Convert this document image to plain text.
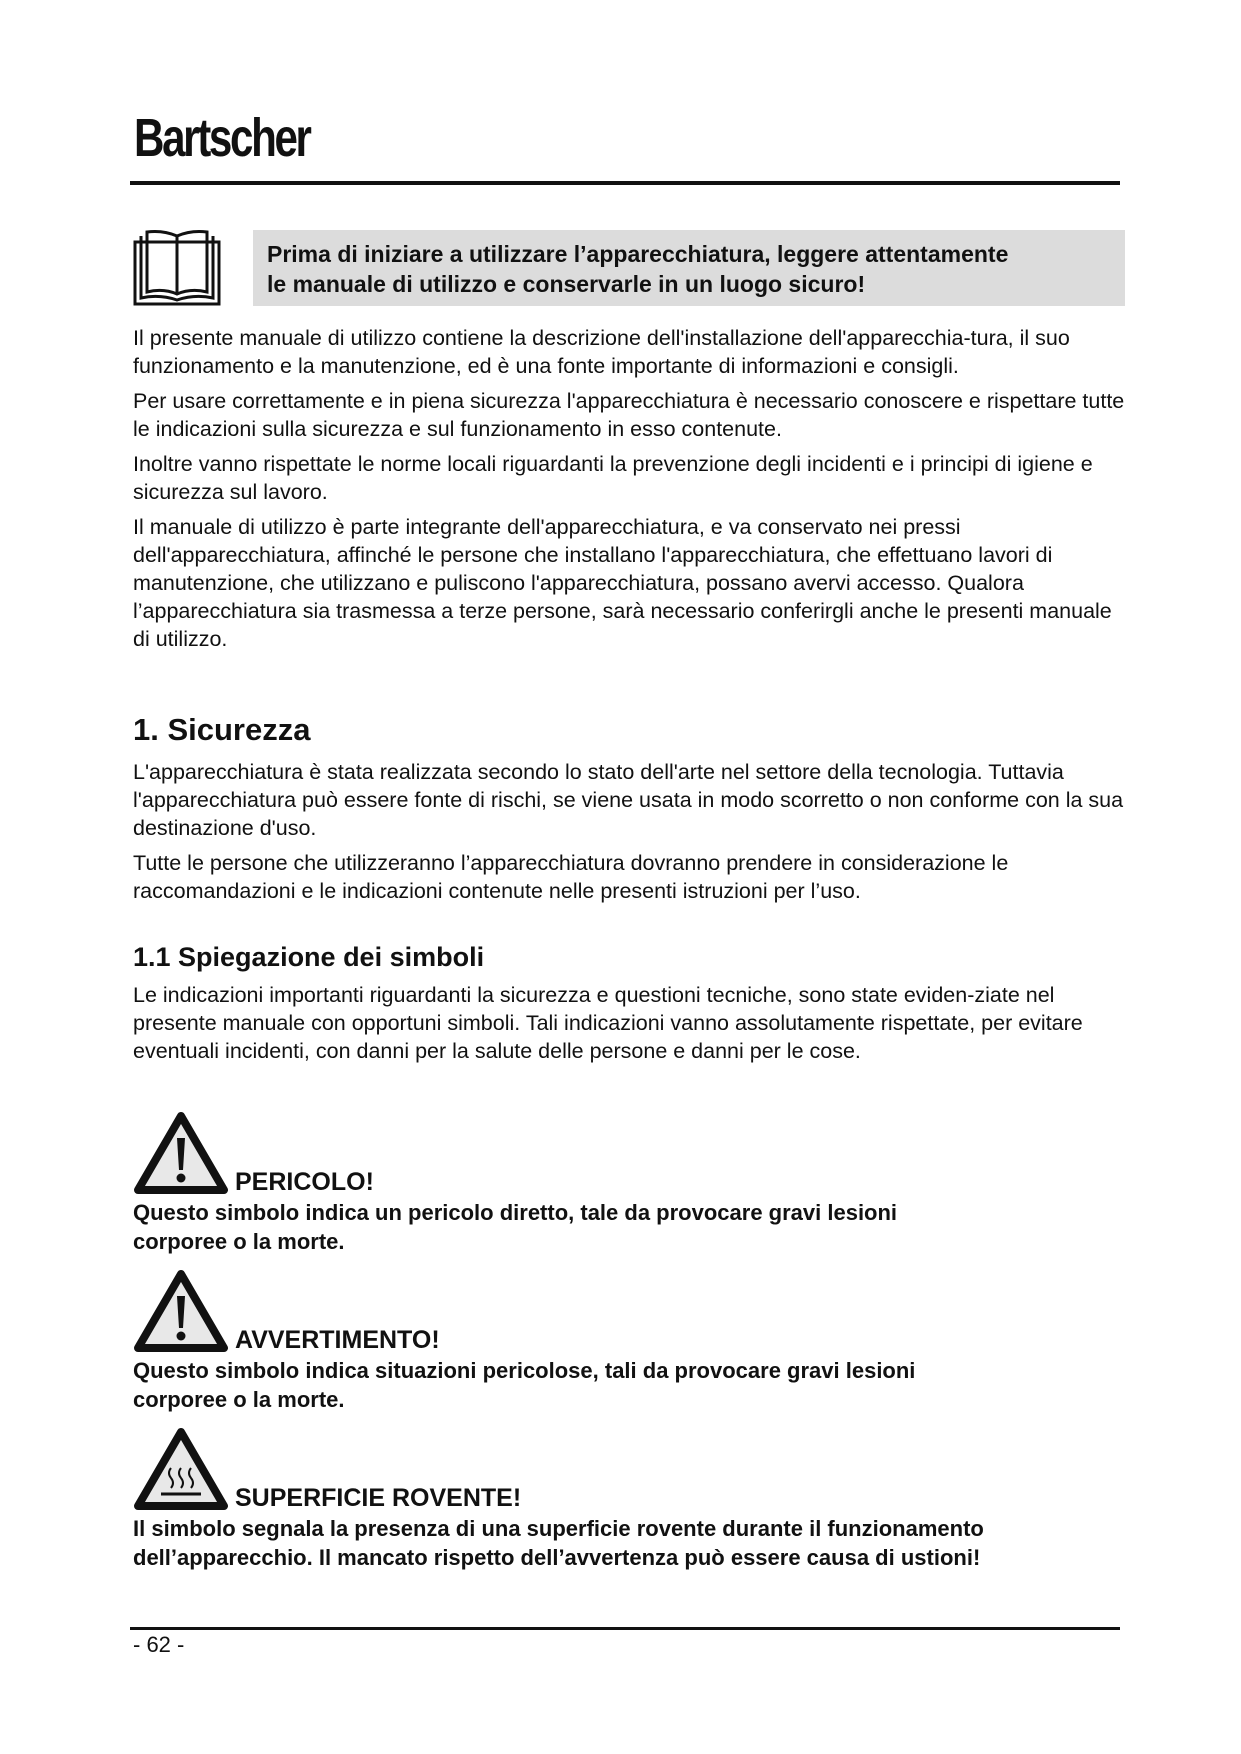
Bartscher
Prima di iniziare a utilizzare l’apparecchiatura, leggere attentamente
le manuale di utilizzo e conservarle in un luogo sicuro!

Il presente manuale di utilizzo contiene la descrizione dell'installazione dell'apparecchia-tura, il suo funzionamento e la manutenzione, ed è una fonte importante di informazioni e consigli.

Per usare correttamente e in piena sicurezza l'apparecchiatura è necessario conoscere e rispettare tutte le indicazioni sulla sicurezza e sul funzionamento in esso contenute.

Inoltre vanno rispettate le norme locali riguardanti la prevenzione degli incidenti e i principi di igiene e sicurezza sul lavoro.

Il manuale di utilizzo è parte integrante dell'apparecchiatura, e va conservato nei pressi dell'apparecchiatura, affinché le persone che installano l'apparecchiatura, che effettuano lavori di manutenzione, che utilizzano e puliscono l'apparecchiatura, possano avervi accesso. Qualora l’apparecchiatura sia trasmessa a terze persone, sarà necessario conferirgli anche le presenti manuale di utilizzo.

1. Sicurezza

L'apparecchiatura è stata realizzata secondo lo stato dell'arte nel settore della tecnologia. Tuttavia l'apparecchiatura può essere fonte di rischi, se viene usata in modo scorretto o non conforme con la sua destinazione d'uso.

Tutte le persone che utilizzeranno l’apparecchiatura dovranno prendere in considerazione le raccomandazioni e le indicazioni contenute nelle presenti istruzioni per l’uso.

1.1 Spiegazione dei simboli

Le indicazioni importanti riguardanti la sicurezza e questioni tecniche, sono state eviden-ziate nel presente manuale con opportuni simboli. Tali indicazioni vanno assolutamente rispettate, per evitare eventuali incidenti, con danni per la salute delle persone e danni per le cose.

PERICOLO!
Questo simbolo indica un pericolo diretto, tale da provocare gravi lesioni
corporee o la morte.
AVVERTIMENTO!
Questo simbolo indica situazioni pericolose, tali da provocare gravi lesioni
corporee o la morte.
SUPERFICIE ROVENTE!
Il simbolo segnala la presenza di una superficie rovente durante il funzionamento
dell’apparecchio. Il mancato rispetto dell’avvertenza può essere causa di ustioni!
- 62 -
